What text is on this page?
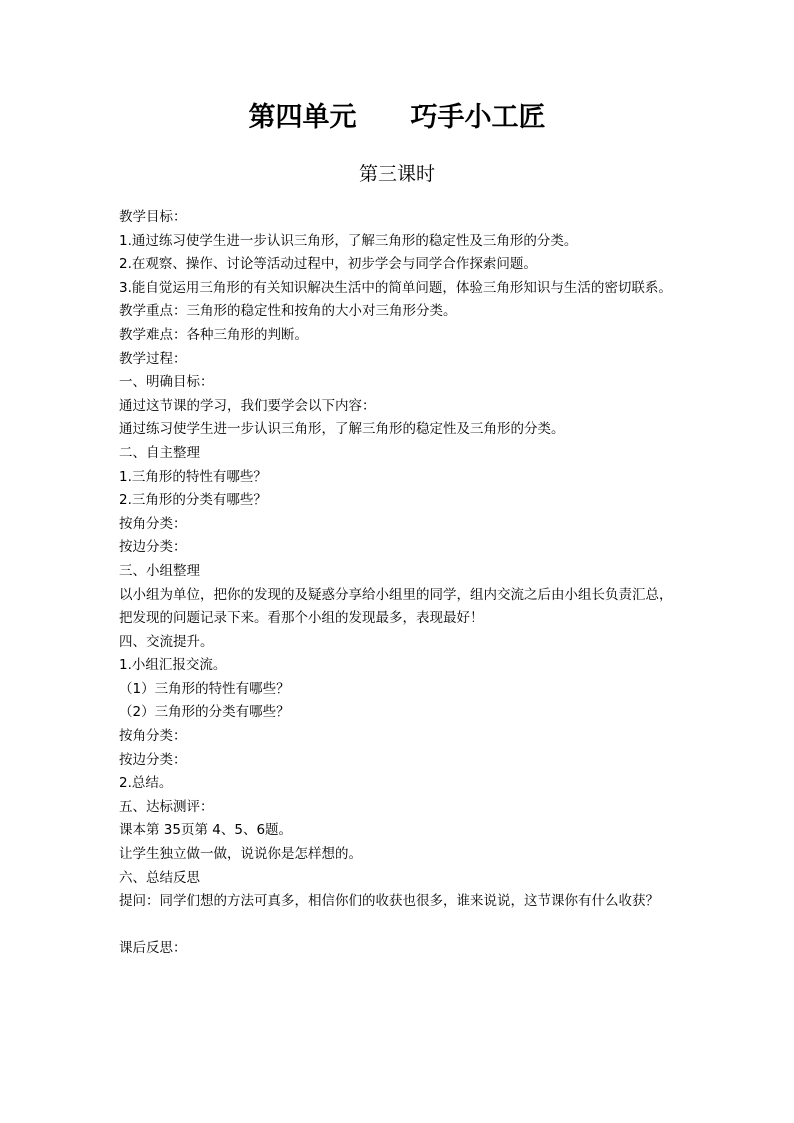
第四单元 巧手小工匠
第三课时
教学目标：
1.通过练习使学生进一步认识三角形，了解三角形的稳定性及三角形的分类。
2.在观察、操作、讨论等活动过程中，初步学会与同学合作探索问题。
3.能自觉运用三角形的有关知识解决生活中的简单问题，体验三角形知识与生活的密切联系。
教学重点：三角形的稳定性和按角的大小对三角形分类。
教学难点：各种三角形的判断。
教学过程：
一、明确目标：
通过这节课的学习，我们要学会以下内容：
通过练习使学生进一步认识三角形，了解三角形的稳定性及三角形的分类。
二、自主整理
1.三角形的特性有哪些？
2.三角形的分类有哪些？
按角分类：
按边分类：
三、小组整理
以小组为单位，把你的发现的及疑惑分享给小组里的同学，组内交流之后由小组长负责汇总，
把发现的问题记录下来。看那个小组的发现最多，表现最好！
四、交流提升。
1.小组汇报交流。
（1）三角形的特性有哪些？
（2）三角形的分类有哪些？
按角分类：
按边分类：
2.总结。
五、达标测评：
课本第 35页第 4、5、6题。
让学生独立做一做，说说你是怎样想的。
六、总结反思
提问：同学们想的方法可真多，相信你们的收获也很多，谁来说说，这节课你有什么收获？
课后反思：
